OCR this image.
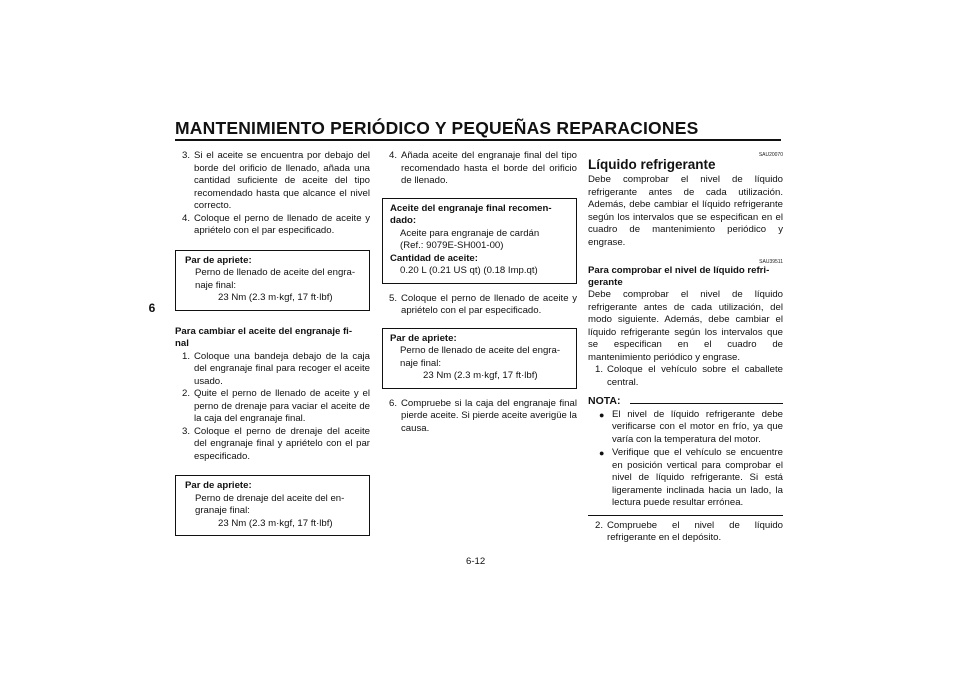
MANTENIMIENTO PERIÓDICO Y PEQUEÑAS REPARACIONES
6

3. Si el aceite se encuentra por debajo del borde del orificio de llenado, añada una cantidad suficiente de aceite del tipo recomendado hasta que alcance el nivel correcto.

4. Coloque el perno de llenado de aceite y apriételo con el par especificado.

Par de apriete:
Perno de llenado de aceite del engra-
naje final:
23 Nm (2.3 m·kgf, 17 ft·lbf)

Para cambiar el aceite del engranaje fi-
nal

1. Coloque una bandeja debajo de la caja del engranaje final para recoger el aceite usado.

2. Quite el perno de llenado de aceite y el perno de drenaje para vaciar el aceite de la caja del engranaje final.

3. Coloque el perno de drenaje del aceite del engranaje final y apriételo con el par especificado.

Par de apriete:
Perno de drenaje del aceite del en-
granaje final:
23 Nm (2.3 m·kgf, 17 ft·lbf)

4. Añada aceite del engranaje final del tipo recomendado hasta el borde del orificio de llenado.

Aceite del engranaje final recomen-
dado:
Aceite para engranaje de cardán
(Ref.: 9079E-SH001-00)
Cantidad de aceite:
0.20 L (0.21 US qt) (0.18 Imp.qt)

5. Coloque el perno de llenado de aceite y apriételo con el par especificado.

Par de apriete:
Perno de llenado de aceite del engra-
naje final:
23 Nm (2.3 m·kgf, 17 ft·lbf)

6. Compruebe si la caja del engranaje final pierde aceite. Si pierde aceite averigüe la causa.

SAU20070

Líquido refrigerante

Debe comprobar el nivel de líquido refrigerante antes de cada utilización. Además, debe cambiar el líquido refrigerante según los intervalos que se especifican en el cuadro de mantenimiento periódico y engrase.

SAU39511

Para comprobar el nivel de líquido refri-
gerante

Debe comprobar el nivel de líquido refrigerante antes de cada utilización, del modo siguiente. Además, debe cambiar el líquido refrigerante según los intervalos que se especifican en el cuadro de mantenimiento periódico y engrase.

1. Coloque el vehículo sobre el caballete central.

NOTA:

● El nivel de líquido refrigerante debe verificarse con el motor en frío, ya que varía con la temperatura del motor.

● Verifique que el vehículo se encuentre en posición vertical para comprobar el nivel de líquido refrigerante. Si está ligeramente inclinada hacia un lado, la lectura puede resultar errónea.

2. Compruebe el nivel de líquido refrigerante en el depósito.

6-12
